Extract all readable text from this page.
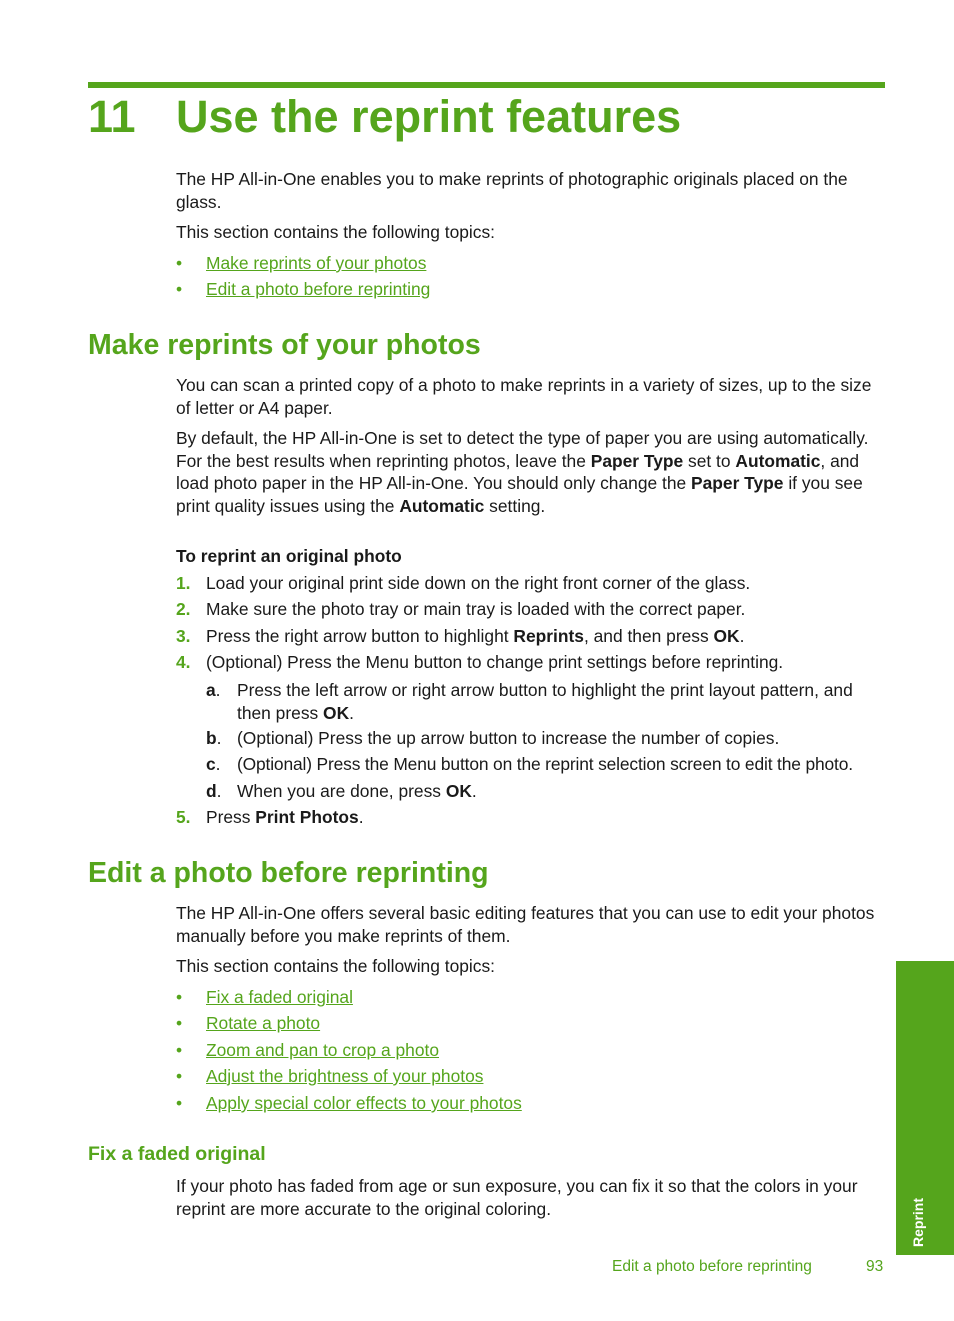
11 Use the reprint features

The HP All-in-One enables you to make reprints of photographic originals placed on the glass.

This section contains the following topics:

• Make reprints of your photos
• Edit a photo before reprinting
Make reprints of your photos

You can scan a printed copy of a photo to make reprints in a variety of sizes, up to the size of letter or A4 paper.

By default, the HP All-in-One is set to detect the type of paper you are using automatically. For the best results when reprinting photos, leave the Paper Type set to Automatic, and load photo paper in the HP All-in-One. You should only change the Paper Type if you see print quality issues using the Automatic setting.

To reprint an original photo
1. Load your original print side down on the right front corner of the glass.
2. Make sure the photo tray or main tray is loaded with the correct paper.
3. Press the right arrow button to highlight Reprints, and then press OK.
4. (Optional) Press the Menu button to change print settings before reprinting.
a. Press the left arrow or right arrow button to highlight the print layout pattern, and then press OK.
b. (Optional) Press the up arrow button to increase the number of copies.
c. (Optional) Press the Menu button on the reprint selection screen to edit the photo.
d. When you are done, press OK.
5. Press Print Photos.
Edit a photo before reprinting

The HP All-in-One offers several basic editing features that you can use to edit your photos manually before you make reprints of them.

This section contains the following topics:

• Fix a faded original
• Rotate a photo
• Zoom and pan to crop a photo
• Adjust the brightness of your photos
• Apply special color effects to your photos
Fix a faded original

If your photo has faded from age or sun exposure, you can fix it so that the colors in your reprint are more accurate to the original coloring.	Reprint
Edit a photo before reprinting	93
